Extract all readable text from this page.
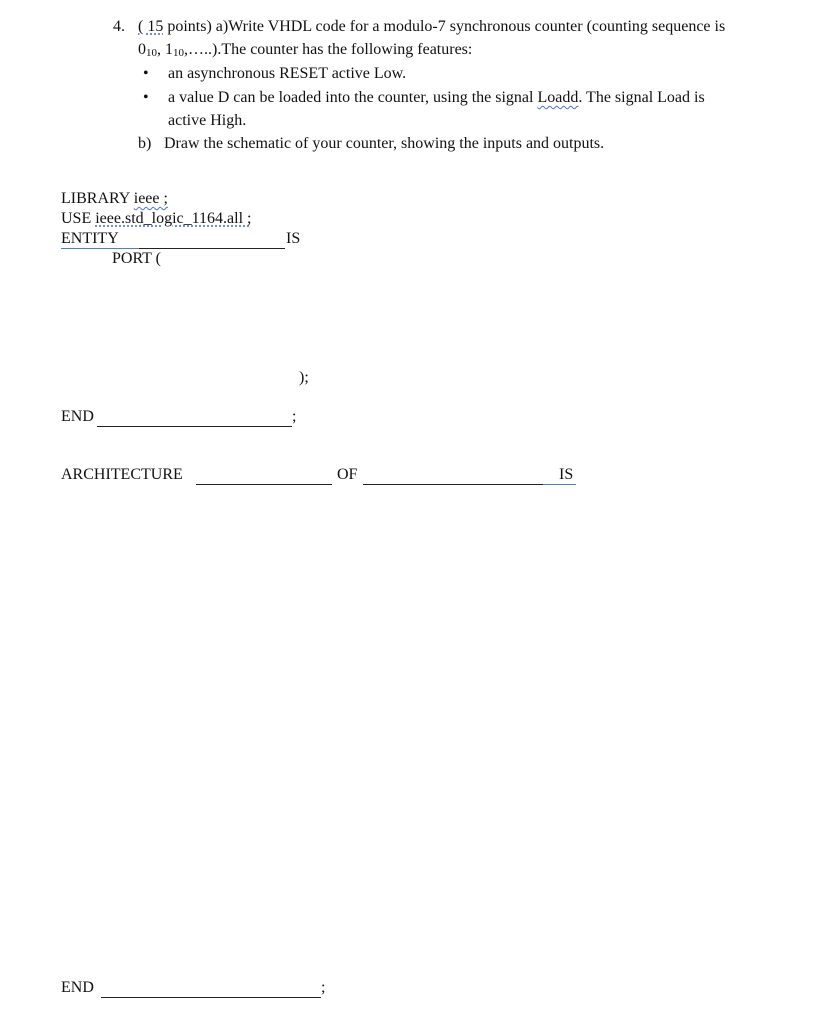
4. ( 15 points) a)Write VHDL code for a modulo-7 synchronous counter (counting sequence is
$0_{10}$, $1_{10},\dots..).The$ counter has the following features:
• an asynchronous RESET active Low.
• a value D can be loaded into the counter, using the signal Loadd. The signal Load is
active High.
b) Draw the schematic of your counter, showing the inputs and outputs.
LIBRARY ieee ;
USE ieee.std_logic_1164.all ;
ENTITY	IS
PORT (
);
END	;
ARCHITECTURE	OF	IS
END	;
